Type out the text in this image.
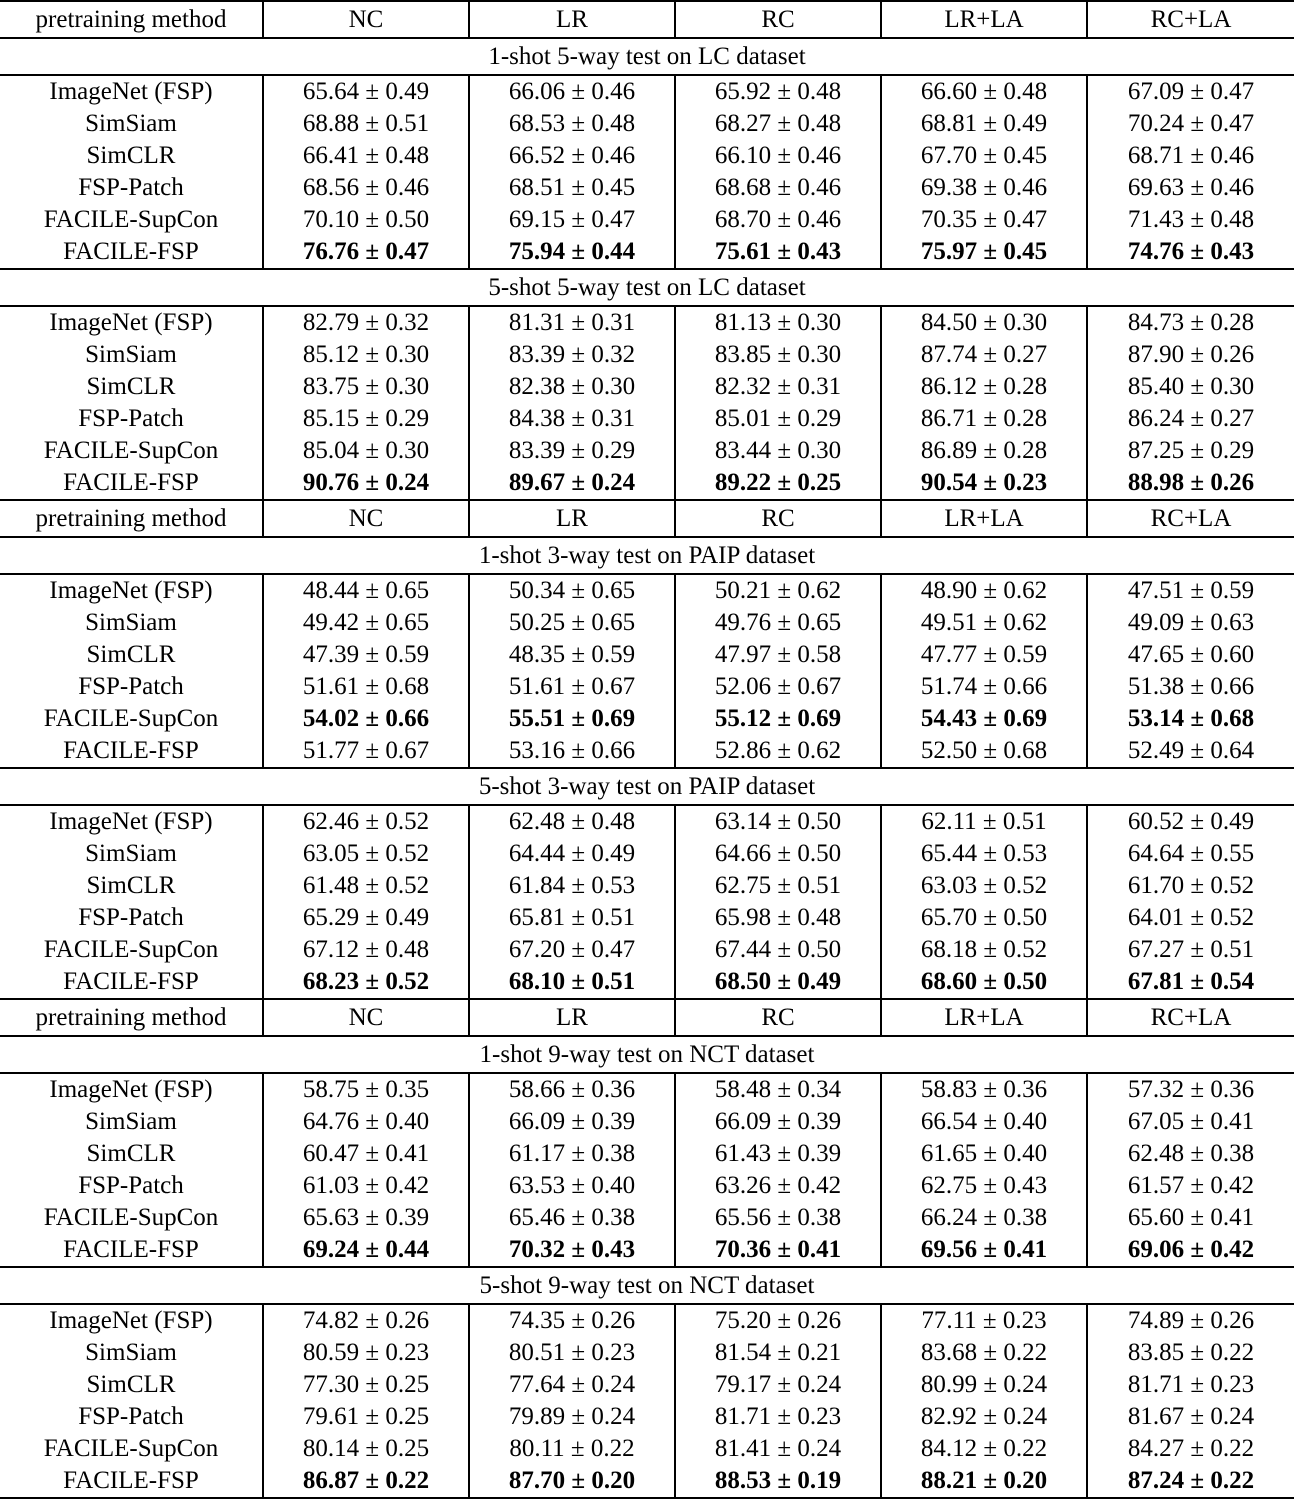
pretraining method	NC	LR	RC	LR+LA	RC+LA
1-shot 5-way test on LC dataset					
ImageNet (FSP)	65.64 ± 0.49	66.06 ± 0.46	65.92 ± 0.48	66.60 ± 0.48	67.09 ± 0.47
SimSiam	68.88 ± 0.51	68.53 ± 0.48	68.27 ± 0.48	68.81 ± 0.49	70.24 ± 0.47
SimCLR	66.41 ± 0.48	66.52 ± 0.46	66.10 ± 0.46	67.70 ± 0.45	68.71 ± 0.46
FSP-Patch	68.56 ± 0.46	68.51 ± 0.45	68.68 ± 0.46	69.38 ± 0.46	69.63 ± 0.46
FACILE-SupCon	70.10 ± 0.50	69.15 ± 0.47	68.70 ± 0.46	70.35 ± 0.47	71.43 ± 0.48
FACILE-FSP	76.76 ± 0.47	75.94 ± 0.44	75.61 ± 0.43	75.97 ± 0.45	74.76 ± 0.43
5-shot 5-way test on LC dataset					
ImageNet (FSP)	82.79 ± 0.32	81.31 ± 0.31	81.13 ± 0.30	84.50 ± 0.30	84.73 ± 0.28
SimSiam	85.12 ± 0.30	83.39 ± 0.32	83.85 ± 0.30	87.74 ± 0.27	87.90 ± 0.26
SimCLR	83.75 ± 0.30	82.38 ± 0.30	82.32 ± 0.31	86.12 ± 0.28	85.40 ± 0.30
FSP-Patch	85.15 ± 0.29	84.38 ± 0.31	85.01 ± 0.29	86.71 ± 0.28	86.24 ± 0.27
FACILE-SupCon	85.04 ± 0.30	83.39 ± 0.29	83.44 ± 0.30	86.89 ± 0.28	87.25 ± 0.29
FACILE-FSP	90.76 ± 0.24	89.67 ± 0.24	89.22 ± 0.25	90.54 ± 0.23	88.98 ± 0.26
pretraining method	NC	LR	RC	LR+LA	RC+LA
1-shot 3-way test on PAIP dataset					
ImageNet (FSP)	48.44 ± 0.65	50.34 ± 0.65	50.21 ± 0.62	48.90 ± 0.62	47.51 ± 0.59
SimSiam	49.42 ± 0.65	50.25 ± 0.65	49.76 ± 0.65	49.51 ± 0.62	49.09 ± 0.63
SimCLR	47.39 ± 0.59	48.35 ± 0.59	47.97 ± 0.58	47.77 ± 0.59	47.65 ± 0.60
FSP-Patch	51.61 ± 0.68	51.61 ± 0.67	52.06 ± 0.67	51.74 ± 0.66	51.38 ± 0.66
FACILE-SupCon	54.02 ± 0.66	55.51 ± 0.69	55.12 ± 0.69	54.43 ± 0.69	53.14 ± 0.68
FACILE-FSP	51.77 ± 0.67	53.16 ± 0.66	52.86 ± 0.62	52.50 ± 0.68	52.49 ± 0.64
5-shot 3-way test on PAIP dataset					
ImageNet (FSP)	62.46 ± 0.52	62.48 ± 0.48	63.14 ± 0.50	62.11 ± 0.51	60.52 ± 0.49
SimSiam	63.05 ± 0.52	64.44 ± 0.49	64.66 ± 0.50	65.44 ± 0.53	64.64 ± 0.55
SimCLR	61.48 ± 0.52	61.84 ± 0.53	62.75 ± 0.51	63.03 ± 0.52	61.70 ± 0.52
FSP-Patch	65.29 ± 0.49	65.81 ± 0.51	65.98 ± 0.48	65.70 ± 0.50	64.01 ± 0.52
FACILE-SupCon	67.12 ± 0.48	67.20 ± 0.47	67.44 ± 0.50	68.18 ± 0.52	67.27 ± 0.51
FACILE-FSP	68.23 ± 0.52	68.10 ± 0.51	68.50 ± 0.49	68.60 ± 0.50	67.81 ± 0.54
pretraining method	NC	LR	RC	LR+LA	RC+LA
1-shot 9-way test on NCT dataset					
ImageNet (FSP)	58.75 ± 0.35	58.66 ± 0.36	58.48 ± 0.34	58.83 ± 0.36	57.32 ± 0.36
SimSiam	64.76 ± 0.40	66.09 ± 0.39	66.09 ± 0.39	66.54 ± 0.40	67.05 ± 0.41
SimCLR	60.47 ± 0.41	61.17 ± 0.38	61.43 ± 0.39	61.65 ± 0.40	62.48 ± 0.38
FSP-Patch	61.03 ± 0.42	63.53 ± 0.40	63.26 ± 0.42	62.75 ± 0.43	61.57 ± 0.42
FACILE-SupCon	65.63 ± 0.39	65.46 ± 0.38	65.56 ± 0.38	66.24 ± 0.38	65.60 ± 0.41
FACILE-FSP	69.24 ± 0.44	70.32 ± 0.43	70.36 ± 0.41	69.56 ± 0.41	69.06 ± 0.42
5-shot 9-way test on NCT dataset					
ImageNet (FSP)	74.82 ± 0.26	74.35 ± 0.26	75.20 ± 0.26	77.11 ± 0.23	74.89 ± 0.26
SimSiam	80.59 ± 0.23	80.51 ± 0.23	81.54 ± 0.21	83.68 ± 0.22	83.85 ± 0.22
SimCLR	77.30 ± 0.25	77.64 ± 0.24	79.17 ± 0.24	80.99 ± 0.24	81.71 ± 0.23
FSP-Patch	79.61 ± 0.25	79.89 ± 0.24	81.71 ± 0.23	82.92 ± 0.24	81.67 ± 0.24
FACILE-SupCon	80.14 ± 0.25	80.11 ± 0.22	81.41 ± 0.24	84.12 ± 0.22	84.27 ± 0.22
FACILE-FSP	86.87 ± 0.22	87.70 ± 0.20	88.53 ± 0.19	88.21 ± 0.20	87.24 ± 0.22
